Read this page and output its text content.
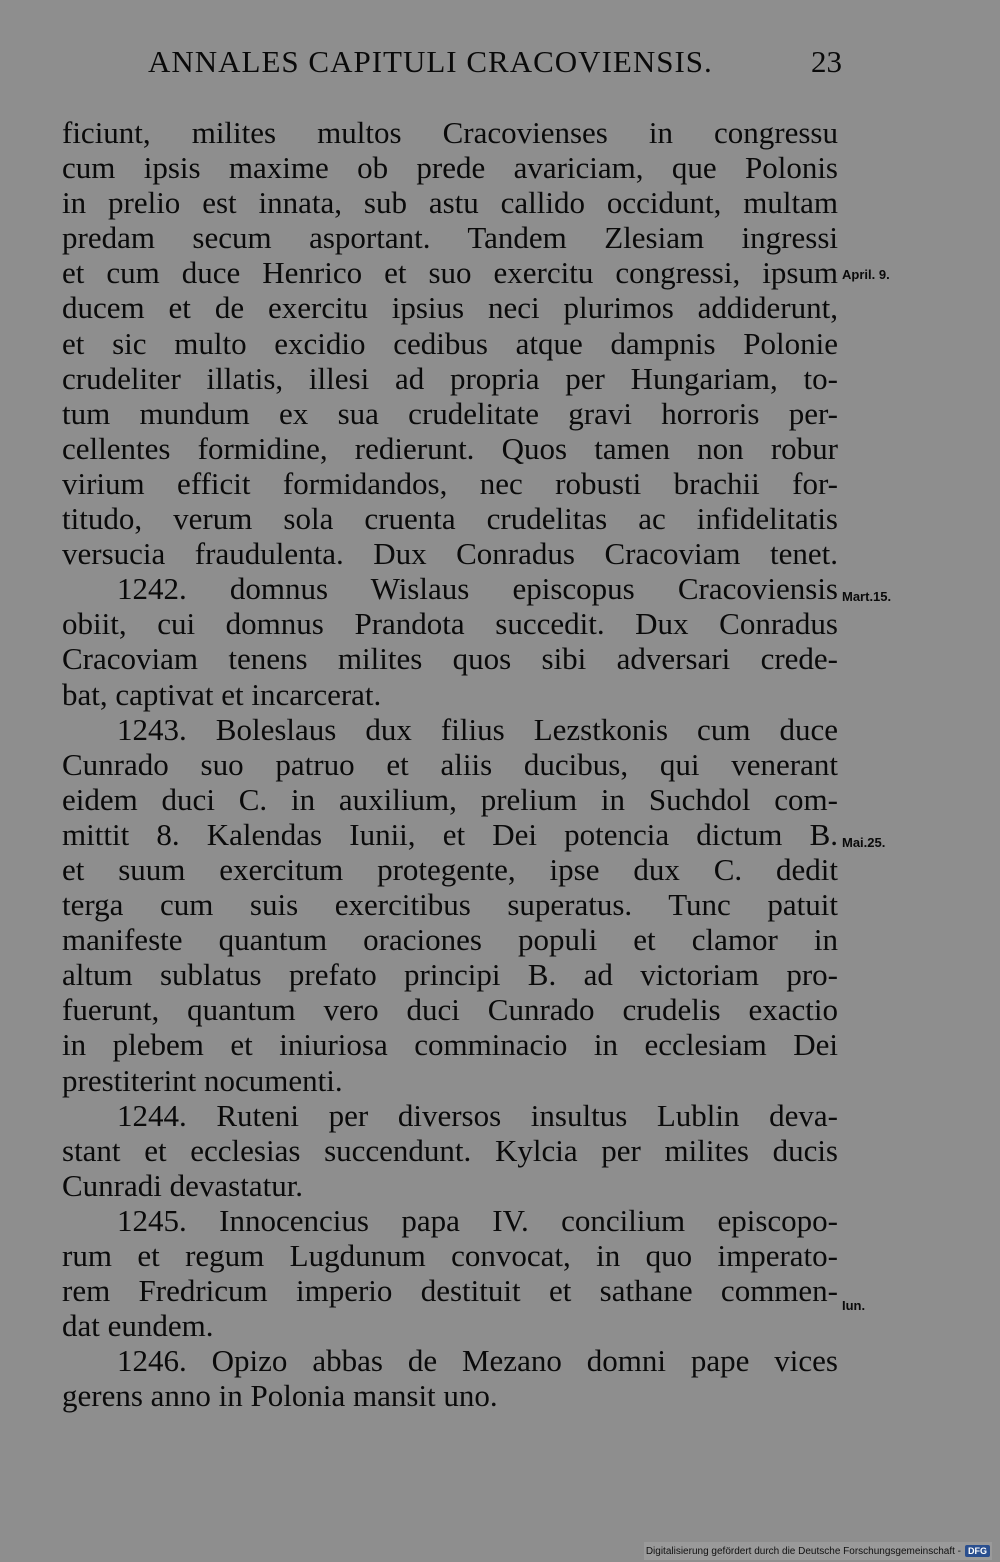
ANNALES CAPITULI CRACOVIENSIS.	23
ficiunt, milites multos Cracovienses in congressu
cum ipsis maxime ob prede avariciam, que Polonis
in prelio est innata, sub astu callido occidunt, multam
predam secum asportant. Tandem Zlesiam ingressi
et cum duce Henrico et suo exercitu congressi, ipsum
ducem et de exercitu ipsius neci plurimos addiderunt,
et sic multo excidio cedibus atque dampnis Polonie
crudeliter illatis, illesi ad propria per Hungariam, to-
tum mundum ex sua crudelitate gravi horroris per-
cellentes formidine, redierunt. Quos tamen non robur
virium efficit formidandos, nec robusti brachii for-
titudo, verum sola cruenta crudelitas ac infidelitatis
versucia fraudulenta. Dux Conradus Cracoviam tenet.
1242. domnus Wislaus episcopus Cracoviensis
obiit, cui domnus Prandota succedit. Dux Conradus
Cracoviam tenens milites quos sibi adversari crede-
bat, captivat et incarcerat.
1243. Boleslaus dux filius Lezstkonis cum duce
Cunrado suo patruo et aliis ducibus, qui venerant
eidem duci C. in auxilium, prelium in Suchdol com-
mittit 8. Kalendas Iunii, et Dei potencia dictum B.
et suum exercitum protegente, ipse dux C. dedit
terga cum suis exercitibus superatus. Tunc patuit
manifeste quantum oraciones populi et clamor in
altum sublatus prefato principi B. ad victoriam pro-
fuerunt, quantum vero duci Cunrado crudelis exactio
in plebem et iniuriosa comminacio in ecclesiam Dei
prestiterint nocumenti.
1244. Ruteni per diversos insultus Lublin deva-
stant et ecclesias succendunt. Kylcia per milites ducis
Cunradi devastatur.
1245. Innocencius papa IV. concilium episcopo-
rum et regum Lugdunum convocat, in quo imperato-
rem Fredricum imperio destituit et sathane commen-
dat eundem.
1246. Opizo abbas de Mezano domni pape vices
gerens anno in Polonia mansit uno.
April. 9.
Mart.15.
Mai.25.
Iun.
Digitalisierung gefördert durch die Deutsche Forschungsgemeinschaft - DFG
